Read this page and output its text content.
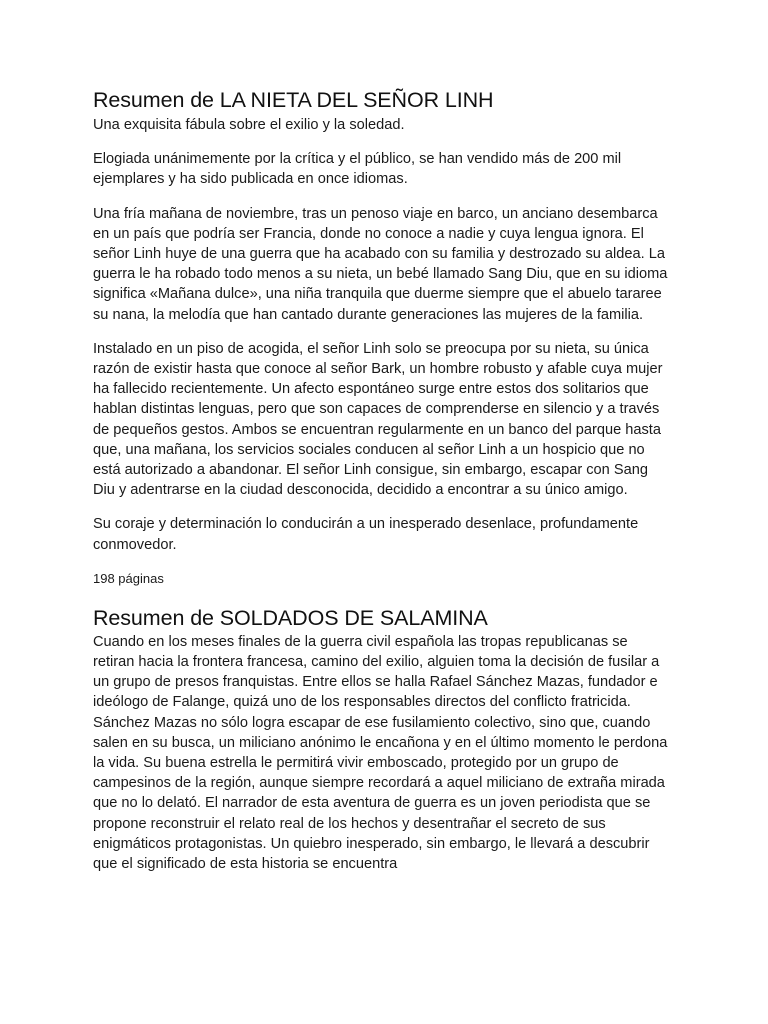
Resumen de LA NIETA DEL SEÑOR LINH

Una exquisita fábula sobre el exilio y la soledad.

Elogiada unánimemente por la crítica y el público, se han vendido más de 200 mil ejemplares y ha sido publicada en once idiomas.

Una fría mañana de noviembre, tras un penoso viaje en barco, un anciano desembarca en un país que podría ser Francia, donde no conoce a nadie y cuya lengua ignora. El señor Linh huye de una guerra que ha acabado con su familia y destrozado su aldea. La guerra le ha robado todo menos a su nieta, un bebé llamado Sang Diu, que en su idioma significa «Mañana dulce», una niña tranquila que duerme siempre que el abuelo tararee su nana, la melodía que han cantado durante generaciones las mujeres de la familia.

Instalado en un piso de acogida, el señor Linh solo se preocupa por su nieta, su única razón de existir hasta que conoce al señor Bark, un hombre robusto y afable cuya mujer ha fallecido recientemente. Un afecto espontáneo surge entre estos dos solitarios que hablan distintas lenguas, pero que son capaces de comprenderse en silencio y a través de pequeños gestos. Ambos se encuentran regularmente en un banco del parque hasta que, una mañana, los servicios sociales conducen al señor Linh a un hospicio que no está autorizado a abandonar. El señor Linh consigue, sin embargo, escapar con Sang Diu y adentrarse en la ciudad desconocida, decidido a encontrar a su único amigo.

Su coraje y determinación lo conducirán a un inesperado desenlace, profundamente conmovedor.

198 páginas

Resumen de SOLDADOS DE SALAMINA

Cuando en los meses finales de la guerra civil española las tropas republicanas se retiran hacia la frontera francesa, camino del exilio, alguien toma la decisión de fusilar a un grupo de presos franquistas. Entre ellos se halla Rafael Sánchez Mazas, fundador e ideólogo de Falange, quizá uno de los responsables directos del conflicto fratricida. Sánchez Mazas no sólo logra escapar de ese fusilamiento colectivo, sino que, cuando salen en su busca, un miliciano anónimo le encañona y en el último momento le perdona la vida. Su buena estrella le permitirá vivir emboscado, protegido por un grupo de campesinos de la región, aunque siempre recordará a aquel miliciano de extraña mirada que no lo delató. El narrador de esta aventura de guerra es un joven periodista que se propone reconstruir el relato real de los hechos y desentrañar el secreto de sus enigmáticos protagonistas. Un quiebro inesperado, sin embargo, le llevará a descubrir que el significado de esta historia se encuentra
